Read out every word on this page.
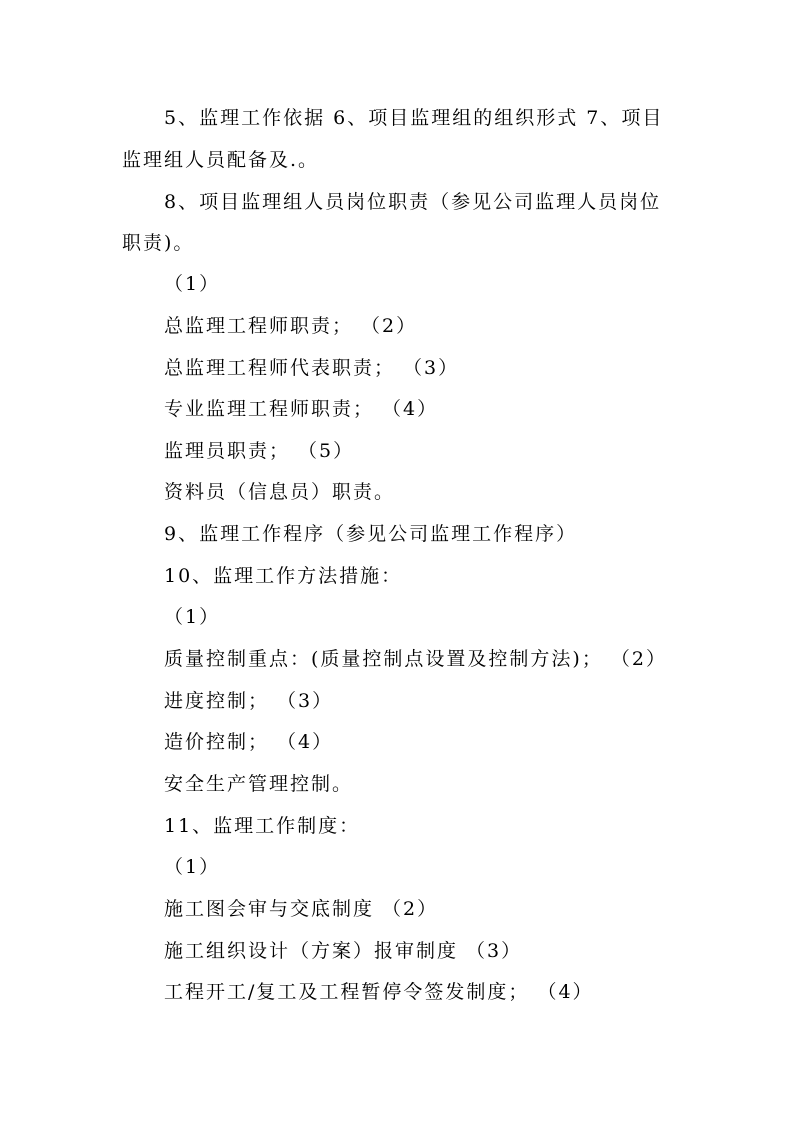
5、监理工作依据 6、项目监理组的组织形式 7、项目
监理组人员配备及.。
8、项目监理组人员岗位职责（参见公司监理人员岗位
职责)。
（1）
总监理工程师职责； （2）
总监理工程师代表职责； （3）
专业监理工程师职责； （4）
监理员职责； （5）
资料员（信息员）职责。
9、监理工作程序（参见公司监理工作程序）
10、监理工作方法措施：
（1）
质量控制重点：(质量控制点设置及控制方法)； （2）
进度控制； （3）
造价控制； （4）
安全生产管理控制。
11、监理工作制度：
（1）
施工图会审与交底制度 （2）
施工组织设计（方案）报审制度 （3）
工程开工/复工及工程暂停令签发制度； （4）
